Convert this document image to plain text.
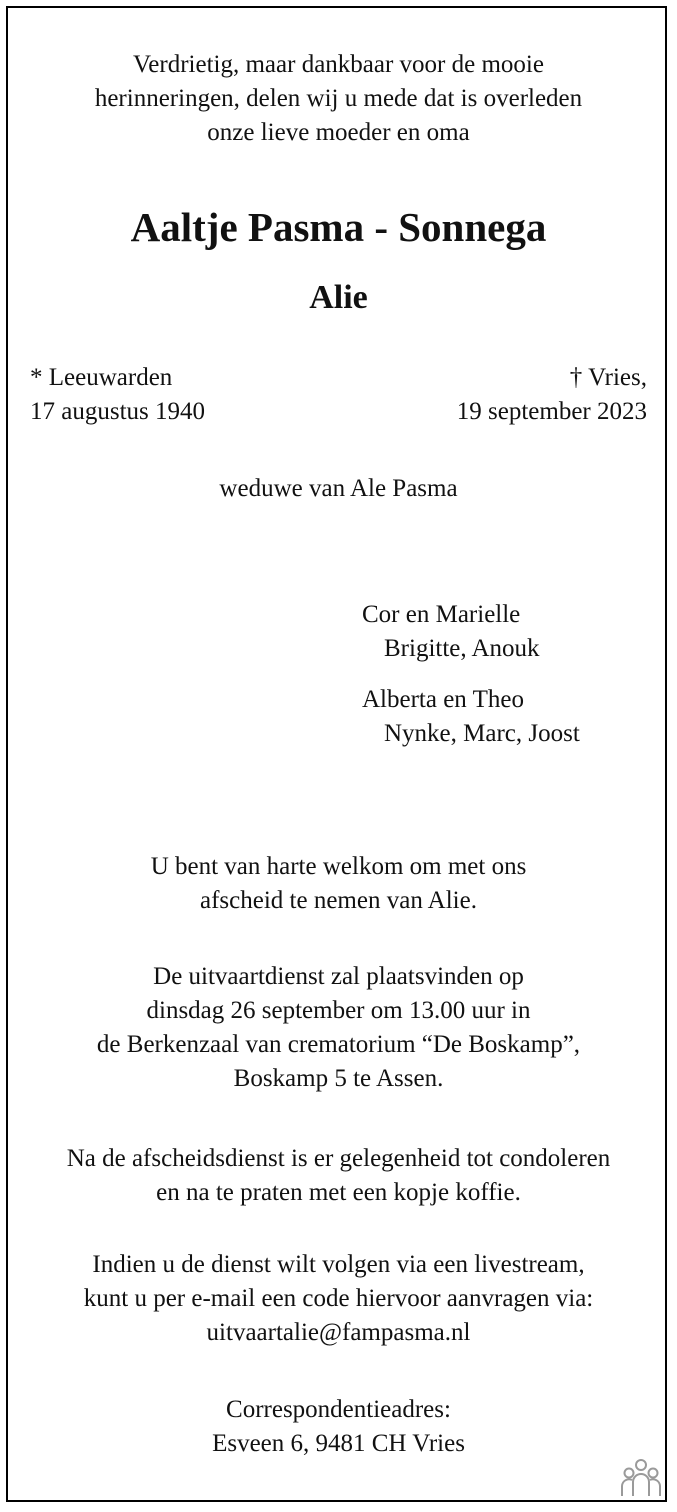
Verdrietig, maar dankbaar voor de mooie
herinneringen, delen wij u mede dat is overleden
onze lieve moeder en oma
Aaltje Pasma - Sonnega
Alie
* Leeuwarden
17 augustus 1940
† Vries,
19 september 2023
weduwe van Ale Pasma
Cor en Marielle
Brigitte, Anouk
Alberta en Theo
Nynke, Marc, Joost
U bent van harte welkom om met ons
afscheid te nemen van Alie.
De uitvaartdienst zal plaatsvinden op
dinsdag 26 september om 13.00 uur in
de Berkenzaal van crematorium “De Boskamp”,
Boskamp 5 te Assen.
Na de afscheidsdienst is er gelegenheid tot condoleren
en na te praten met een kopje koffie.
Indien u de dienst wilt volgen via een livestream,
kunt u per e-mail een code hiervoor aanvragen via:
uitvaartalie@fampasma.nl
Correspondentieadres:
Esveen 6, 9481 CH Vries
